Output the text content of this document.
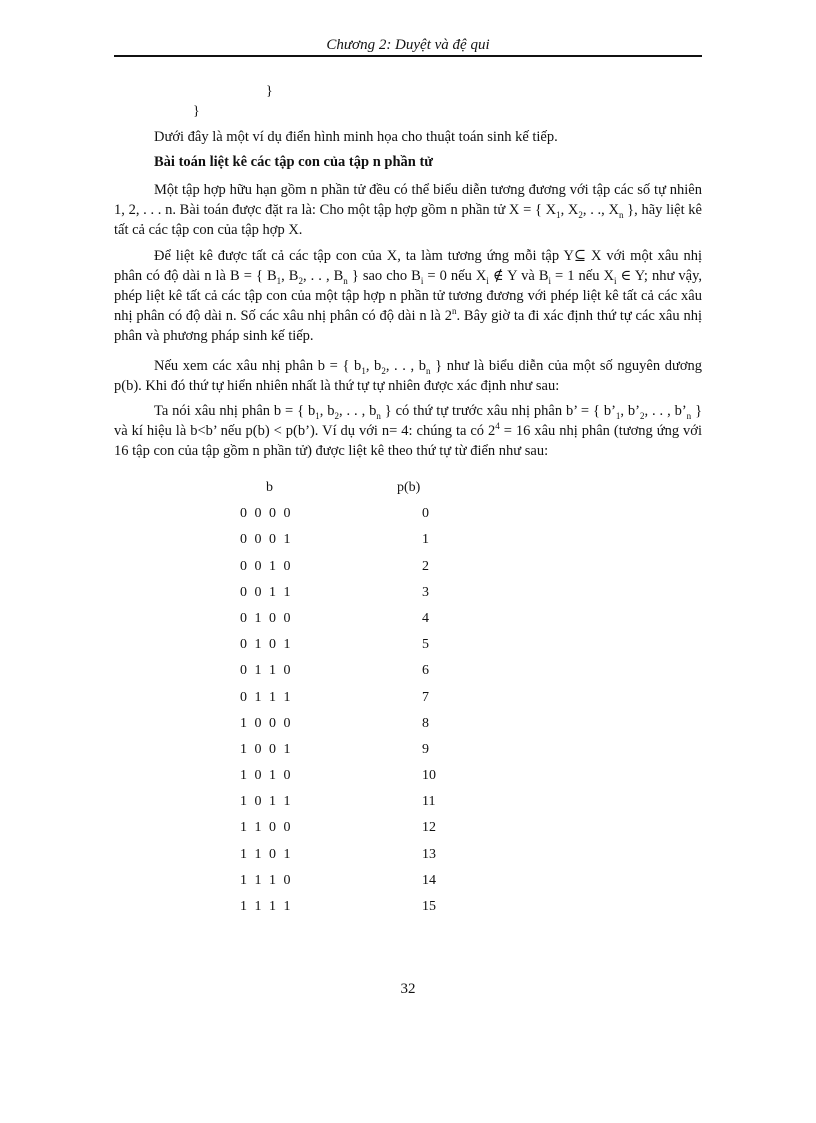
Chương 2: Duyệt và đệ qui
}
}

Dưới đây là một ví dụ điển hình minh họa cho thuật toán sinh kế tiếp.

Bài toán liệt kê các tập con của tập n phần tử

Một tập hợp hữu hạn gồm n phần tử đều có thể biểu diễn tương đương với tập các số tự nhiên 1, 2, . . . n. Bài toán được đặt ra là: Cho một tập hợp gồm n phần tử X = { $X_1$, $X_2$, . ., $X_n$ }, hãy liệt kê tất cả các tập con của tập hợp X.

Để liệt kê được tất cả các tập con của X, ta làm tương ứng mỗi tập Y⊆ X với một xâu nhị phân có độ dài n là B = { $B_1$, $B_2$, . . , $B_n$ } sao cho $B_i = 0$ nếu $X_i$ ∉ Y và $B_i = 1$ nếu $X_i$ ∈ Y; như vậy, phép liệt kê tất cả các tập con của một tập hợp n phần tử tương đương với phép liệt kê tất cả các xâu nhị phân có độ dài n. Số các xâu nhị phân có độ dài n là 2$^n$. Bây giờ ta đi xác định thứ tự các xâu nhị phân và phương pháp sinh kế tiếp.

Nếu xem các xâu nhị phân b = { $b_1$, $b_2$, . . , $b_n$ } như là biểu diễn của một số nguyên dương p(b). Khi đó thứ tự hiển nhiên nhất là thứ tự tự nhiên được xác định như sau:

Ta nói xâu nhị phân b = { $b_1$, $b_2$, . . , $b_n$ } có thứ tự trước xâu nhị phân b’ = { $b’_1$, $b’_2$, . . , $b’_n$ } và kí hiệu là b<b’ nếu p(b) < p(b’). Ví dụ với n= 4: chúng ta có $2^4 = 16$ xâu nhị phân (tương ứng với 16 tập con của tập gồm n phần tử) được liệt kê theo thứ tự từ điển như sau:

b	p(b)
0 0 0 0	0
0 0 0 1	1
0 0 1 0	2
0 0 1 1	3
0 1 0 0	4
0 1 0 1	5
0 1 1 0	6
0 1 1 1	7
1 0 0 0	8
1 0 0 1	9
1 0 1 0	10
1 0 1 1	11
1 1 0 0	12
1 1 0 1	13
1 1 1 0	14
1 1 1 1	15
32
